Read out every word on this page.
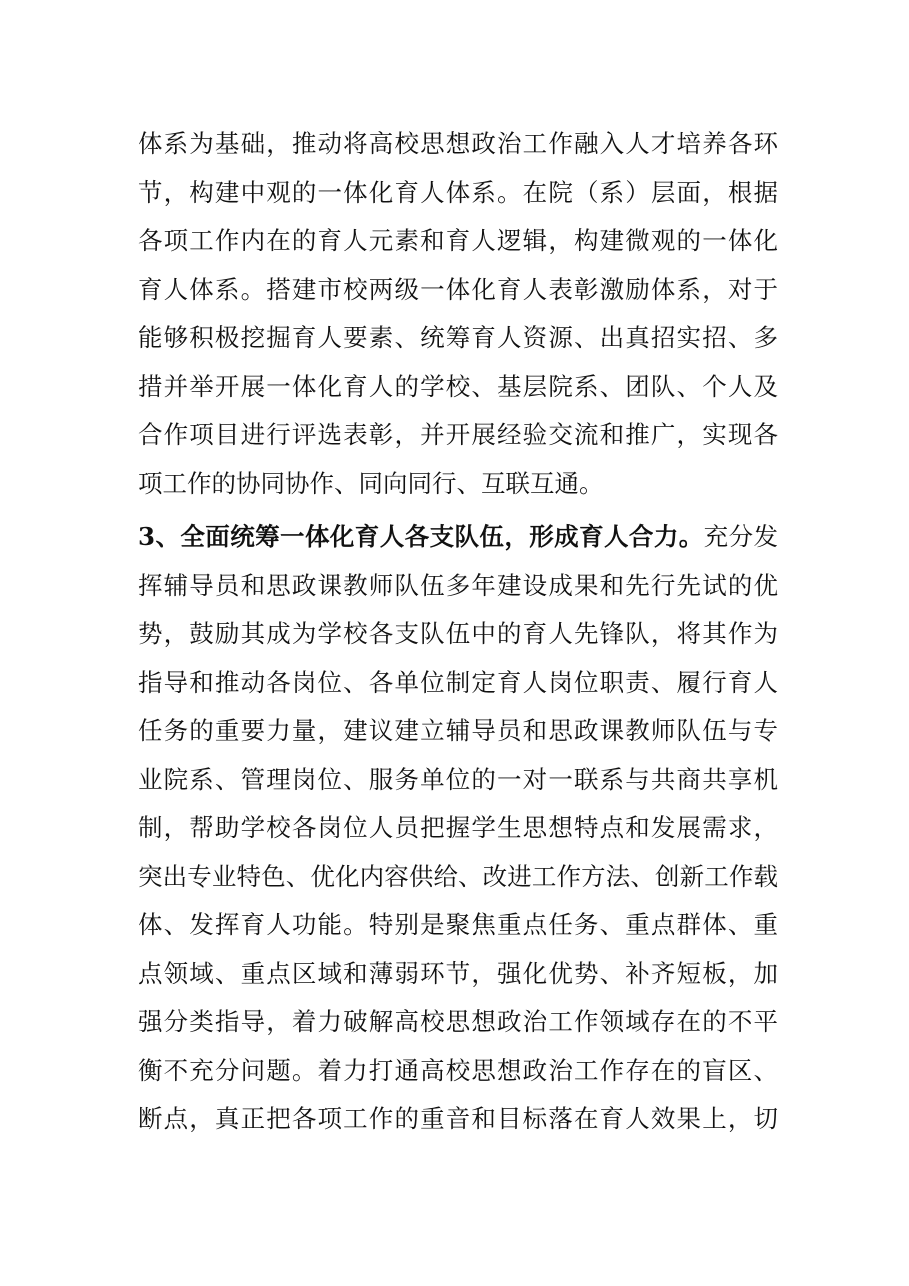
体系为基础，推动将高校思想政治工作融入人才培养各环
节，构建中观的一体化育人体系。在院（系）层面，根据
各项工作内在的育人元素和育人逻辑，构建微观的一体化
育人体系。搭建市校两级一体化育人表彰激励体系，对于
能够积极挖掘育人要素、统筹育人资源、出真招实招、多
措并举开展一体化育人的学校、基层院系、团队、个人及
合作项目进行评选表彰，并开展经验交流和推广，实现各
项工作的协同协作、同向同行、互联互通。
3、全面统筹一体化育人各支队伍，形成育人合力。充分发
挥辅导员和思政课教师队伍多年建设成果和先行先试的优
势，鼓励其成为学校各支队伍中的育人先锋队，将其作为
指导和推动各岗位、各单位制定育人岗位职责、履行育人
任务的重要力量，建议建立辅导员和思政课教师队伍与专
业院系、管理岗位、服务单位的一对一联系与共商共享机
制，帮助学校各岗位人员把握学生思想特点和发展需求，
突出专业特色、优化内容供给、改进工作方法、创新工作载
体、发挥育人功能。特别是聚焦重点任务、重点群体、重
点领域、重点区域和薄弱环节，强化优势、补齐短板，加
强分类指导，着力破解高校思想政治工作领域存在的不平
衡不充分问题。着力打通高校思想政治工作存在的盲区、
断点，真正把各项工作的重音和目标落在育人效果上，切
